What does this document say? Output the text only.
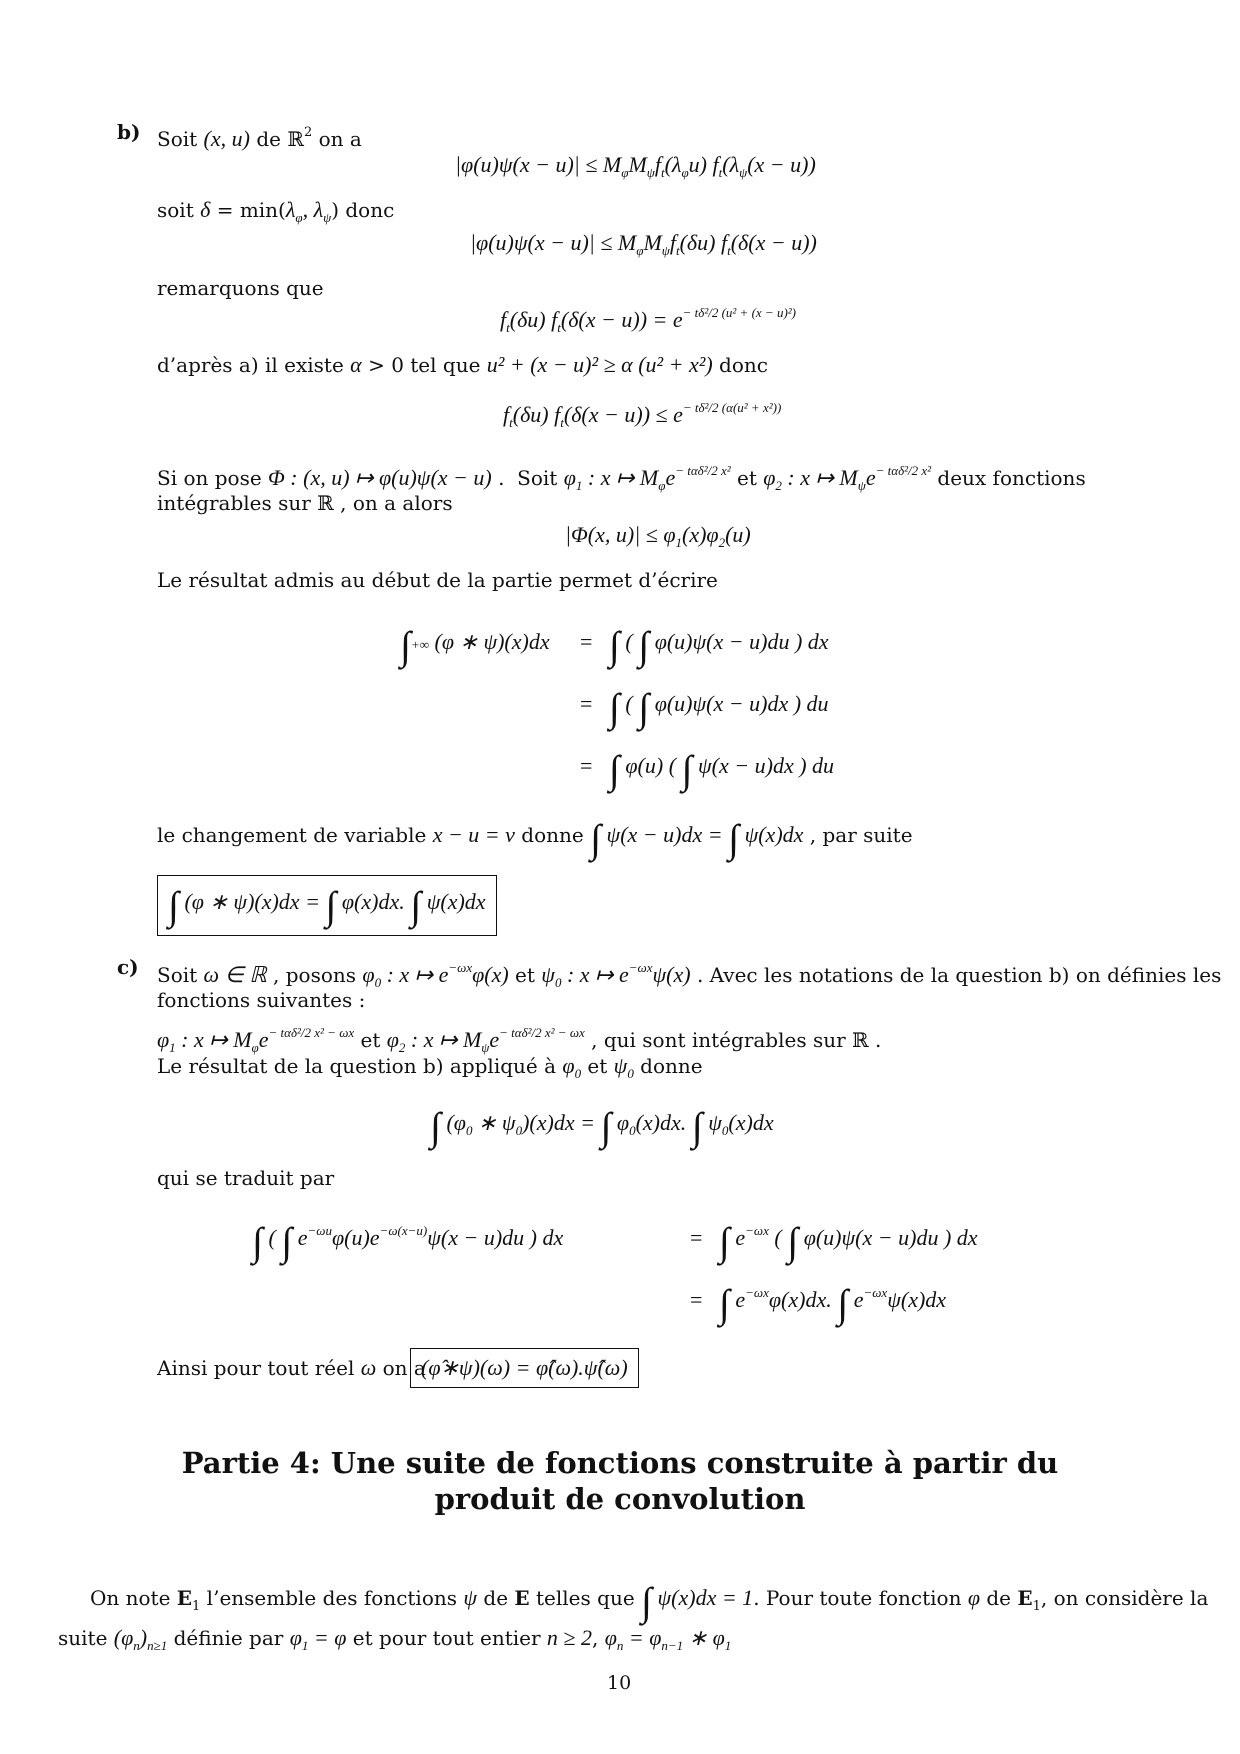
b) Soit (x, u) de ℝ$^2$ on a
$|\varphi(u)\psi(x - u)| \le M_\varphi M_\psi f_t(\lambda_\varphi u) f_t(\lambda_\psi(x - u))$
soit $\delta = \min(\lambda_\varphi$, $\lambda_\psi$) donc
$|\varphi(u)\psi(x - u)| \le M_\varphi M_\psi f_t(\delta u) f_t(\delta(x - u))$
remarquons que
$f_t(\delta u) f_t(\delta(x - u)) = e^{- t\delta^2/2 (u^2 + (x - u)^2)}$
d’après a) il existe α > 0 tel que u² + (x − u)² ≥ α (u² + x²) donc
$f_t(\delta u) f_t(\delta(x - u)) \le e^{- t\delta^2/2 (\alpha(u^2 + x^2))}$
Si on pose Φ : (x, u) ↦ φ(u)ψ(x − u) .  Soit $\varphi_1$ : x ↦ $M_\varphi e^{- t\alpha\delta^2/2 x^2}$ et $\varphi_2$ : x ↦ $M_\psi e^{- t\alpha\delta^2/2 x^2}$ deux fonctions
intégrables sur ℝ , on a alors
|Φ(x, $u)| \le \varphi_1(x)\varphi_2(u)$
Le résultat admis au début de la partie permet d’écrire
∫+∞ (φ ∗ ψ)(x)dx = ∫ ( ∫ φ(u)ψ(x − u)du ) dx
= ∫ ( ∫ φ(u)ψ(x − u)dx ) du
= ∫ φ(u) ( ∫ ψ(x − u)dx ) du
le changement de variable x − u = v donne ∫ ψ(x − u)dx = ∫ ψ(x)dx , par suite
∫ (φ ∗ ψ)(x)dx = ∫ φ(x)dx. ∫ ψ(x)dx
c) Soit ω ∈ ℝ , posons $\varphi_0$ : x ↦ $e^{-\omega x}\varphi(x)$ et $\psi_0$ : x ↦ $e^{-\omega x}\psi(x)$ . Avec les notations de la question b) on définies les
fonctions suivantes :
$\varphi_1$ : x ↦ $M_\varphi e^{- t\alpha\delta^2/2 x^2 - \omega x}$ et $\varphi_2$ : x ↦ $M_\psi e^{- t\alpha\delta^2/2 x^2 - \omega x}$ , qui sont intégrables sur ℝ .
Le résultat de la question b) appliqué à $\varphi_0$ et $\psi_0$ donne
∫ ($\varphi_0$ ∗ $\psi_0)(x)dx$ = ∫ $\varphi_0(x)dx$. ∫ $\psi_0(x)dx$
qui se traduit par
∫ ( ∫ $e^{-\omega u}\varphi(u)e^{-\omega(x-u)}\psi(x - u)du$ ) dx	= ∫ $e^{-\omega x}$ ( ∫ φ(u)ψ(x − u)du ) dx
= ∫ $e^{-\omega x}\varphi(x)dx$. ∫ $e^{-\omega x}\psi(x)dx$
Ainsi pour tout réel ω on a
(φ̂∗ψ)(ω) = φ̂(ω).ψ̂(ω)
Partie 4: Une suite de fonctions construite à partir du produit de convolution
On note $E_1$ l’ensemble des fonctions ψ de E telles que ∫ ψ(x)dx = 1. Pour toute fonction φ de $E_1$, on considère la
suite $(\varphi_n)_{n\ge 1}$ définie par $\varphi_1 = \varphi$ et pour tout entier n ≥ 2, $\varphi_n = \varphi_{n-1}$ ∗ $\varphi_1$
10
